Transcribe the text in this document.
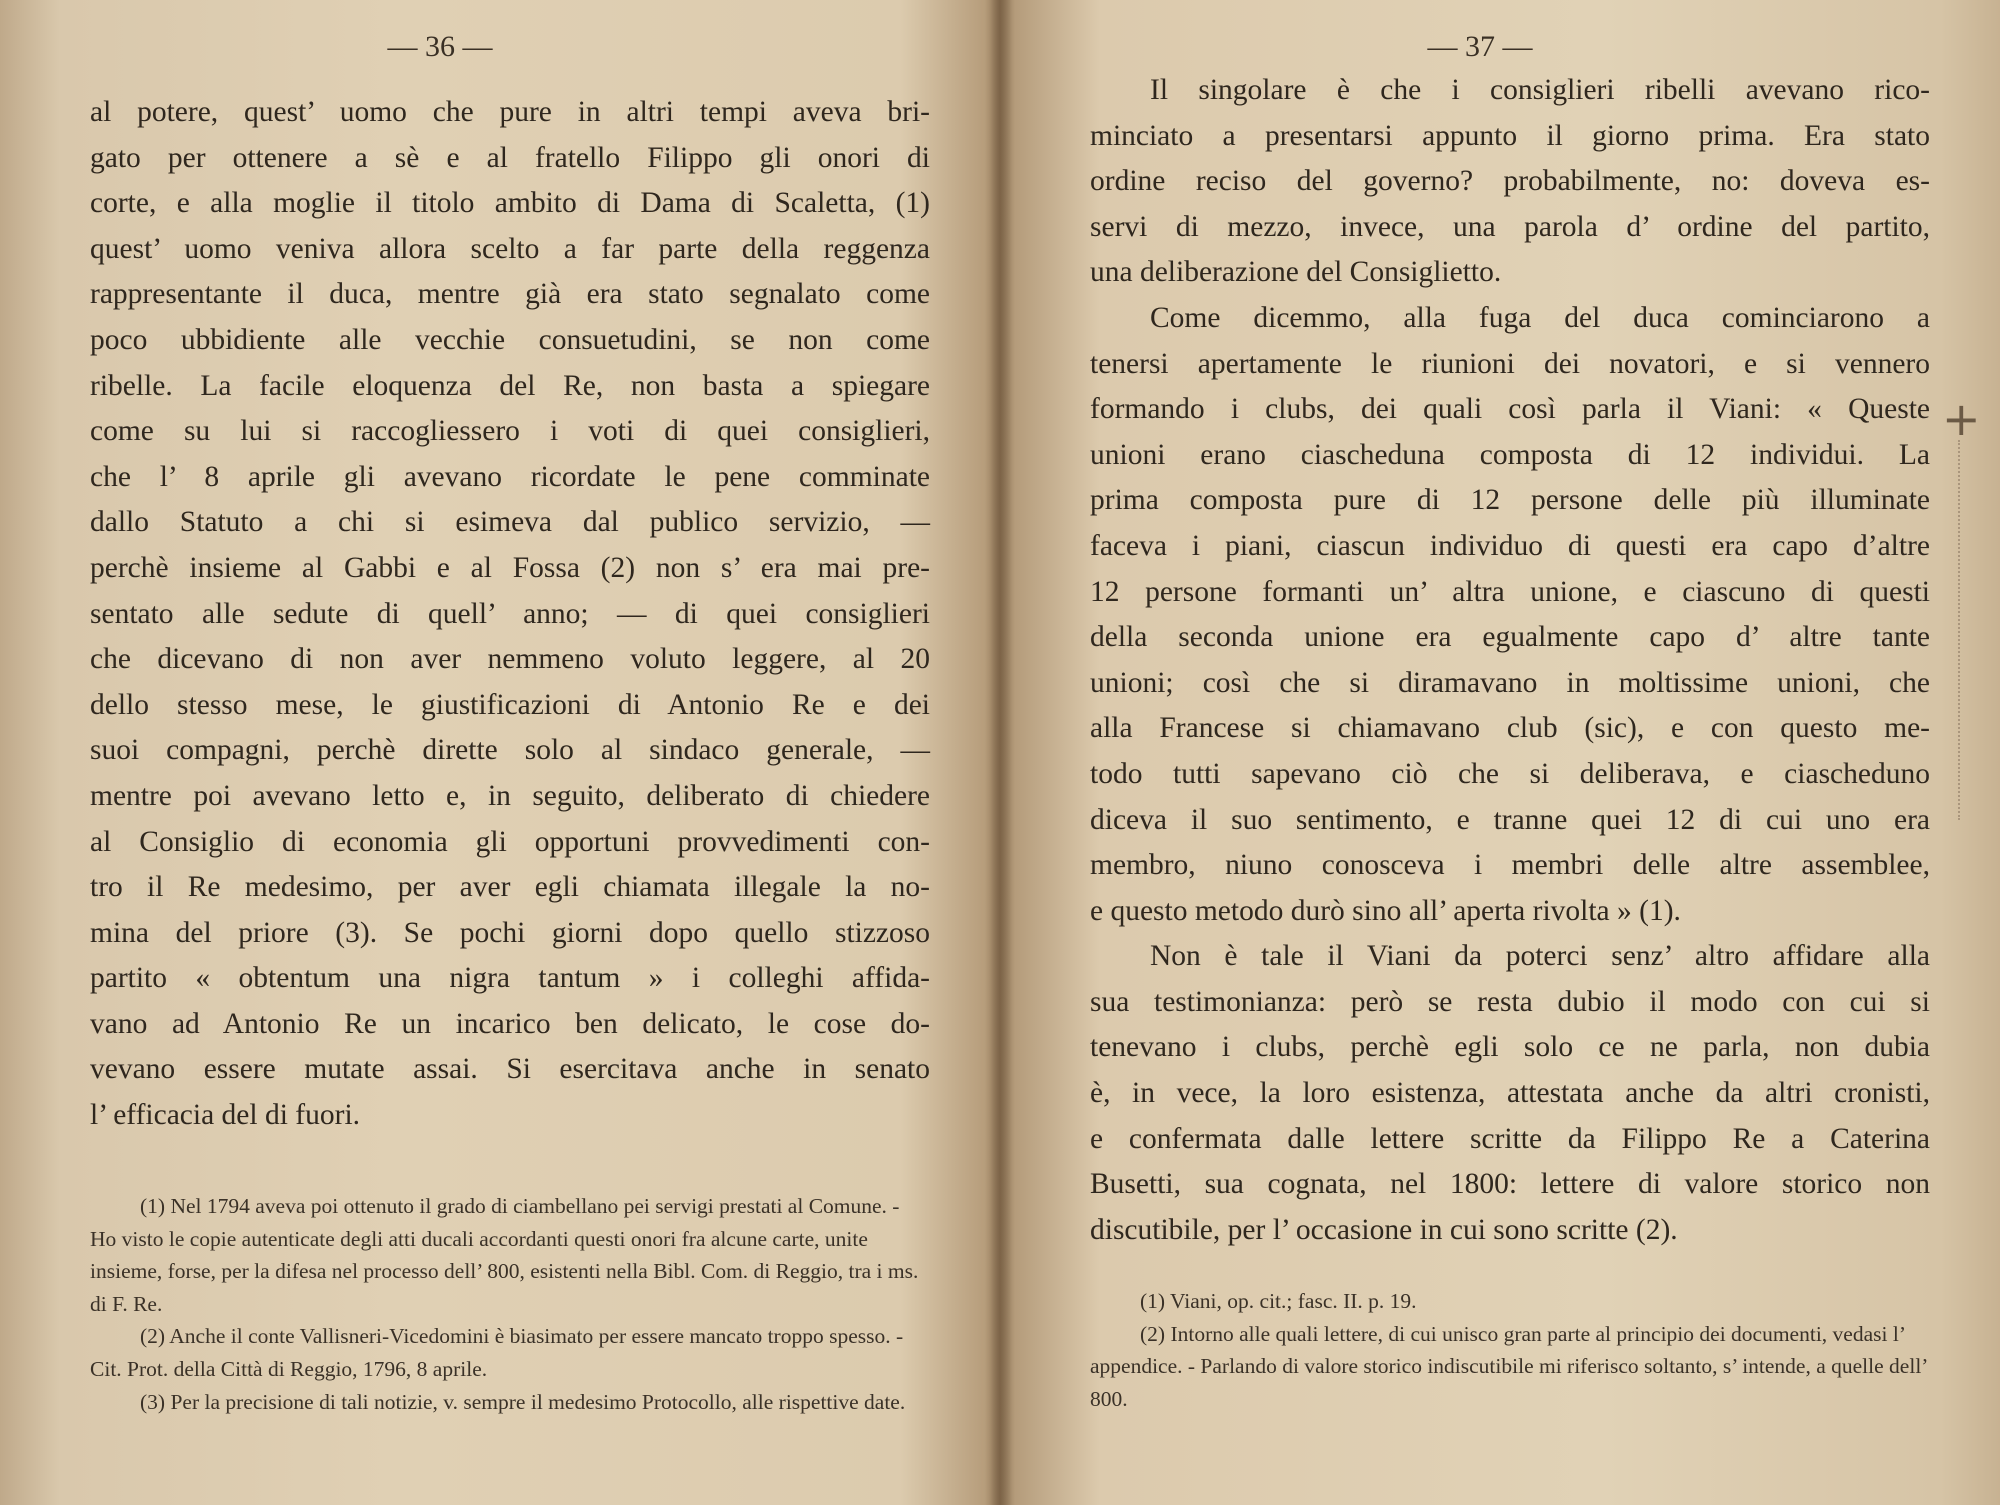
— 36 —
al potere, quest’ uomo che pure in altri tempi aveva bri-
gato per ottenere a sè e al fratello Filippo gli onori di
corte, e alla moglie il titolo ambito di Dama di Scaletta, (1)
quest’ uomo veniva allora scelto a far parte della reggenza
rappresentante il duca, mentre già era stato segnalato come
poco ubbidiente alle vecchie consuetudini, se non come
ribelle. La facile eloquenza del Re, non basta a spiegare
come su lui si raccogliessero i voti di quei consiglieri,
che l’ 8 aprile gli avevano ricordate le pene comminate
dallo Statuto a chi si esimeva dal publico servizio, —
perchè insieme al Gabbi e al Fossa (2) non s’ era mai pre-
sentato alle sedute di quell’ anno; — di quei consiglieri
che dicevano di non aver nemmeno voluto leggere, al 20
dello stesso mese, le giustificazioni di Antonio Re e dei
suoi compagni, perchè dirette solo al sindaco generale, —
mentre poi avevano letto e, in seguito, deliberato di chiedere
al Consiglio di economia gli opportuni provvedimenti con-
tro il Re medesimo, per aver egli chiamata illegale la no-
mina del priore (3). Se pochi giorni dopo quello stizzoso
partito « obtentum una nigra tantum » i colleghi affida-
vano ad Antonio Re un incarico ben delicato, le cose do-
vevano essere mutate assai. Si esercitava anche in senato
l’ efficacia del di fuori.

(1) Nel 1794 aveva poi ottenuto il grado di ciambellano pei servigi prestati al Comune. - Ho visto le copie autenticate degli atti ducali accordanti questi onori fra alcune carte, unite insieme, forse, per la difesa nel processo dell’ 800, esistenti nella Bibl. Com. di Reggio, tra i ms. di F. Re.

(2) Anche il conte Vallisneri-Vicedomini è biasimato per essere mancato troppo spesso. - Cit. Prot. della Città di Reggio, 1796, 8 aprile.

(3) Per la precisione di tali notizie, v. sempre il medesimo Protocollo, alle rispettive date.

— 37 —
Il singolare è che i consiglieri ribelli avevano rico-
minciato a presentarsi appunto il giorno prima. Era stato
ordine reciso del governo? probabilmente, no: doveva es-
servi di mezzo, invece, una parola d’ ordine del partito,
una deliberazione del Consiglietto.
Come dicemmo, alla fuga del duca cominciarono a
tenersi apertamente le riunioni dei novatori, e si vennero
formando i clubs, dei quali così parla il Viani: « Queste
unioni erano ciascheduna composta di 12 individui. La
prima composta pure di 12 persone delle più illuminate
faceva i piani, ciascun individuo di questi era capo d’altre
12 persone formanti un’ altra unione, e ciascuno di questi
della seconda unione era egualmente capo d’ altre tante
unioni; così che si diramavano in moltissime unioni, che
alla Francese si chiamavano club (sic), e con questo me-
todo tutti sapevano ciò che si deliberava, e ciascheduno
diceva il suo sentimento, e tranne quei 12 di cui uno era
membro, niuno conosceva i membri delle altre assemblee,
e questo metodo durò sino all’ aperta rivolta » (1).
Non è tale il Viani da poterci senz’ altro affidare alla
sua testimonianza: però se resta dubio il modo con cui si
tenevano i clubs, perchè egli solo ce ne parla, non dubia
è, in vece, la loro esistenza, attestata anche da altri cronisti,
e confermata dalle lettere scritte da Filippo Re a Caterina
Busetti, sua cognata, nel 1800: lettere di valore storico non
discutibile, per l’ occasione in cui sono scritte (2).

(1) Viani, op. cit.; fasc. II. p. 19.

(2) Intorno alle quali lettere, di cui unisco gran parte al principio dei documenti, vedasi l’ appendice. - Parlando di valore storico indiscutibile mi riferisco soltanto, s’ intende, a quelle dell’ 800.

+
